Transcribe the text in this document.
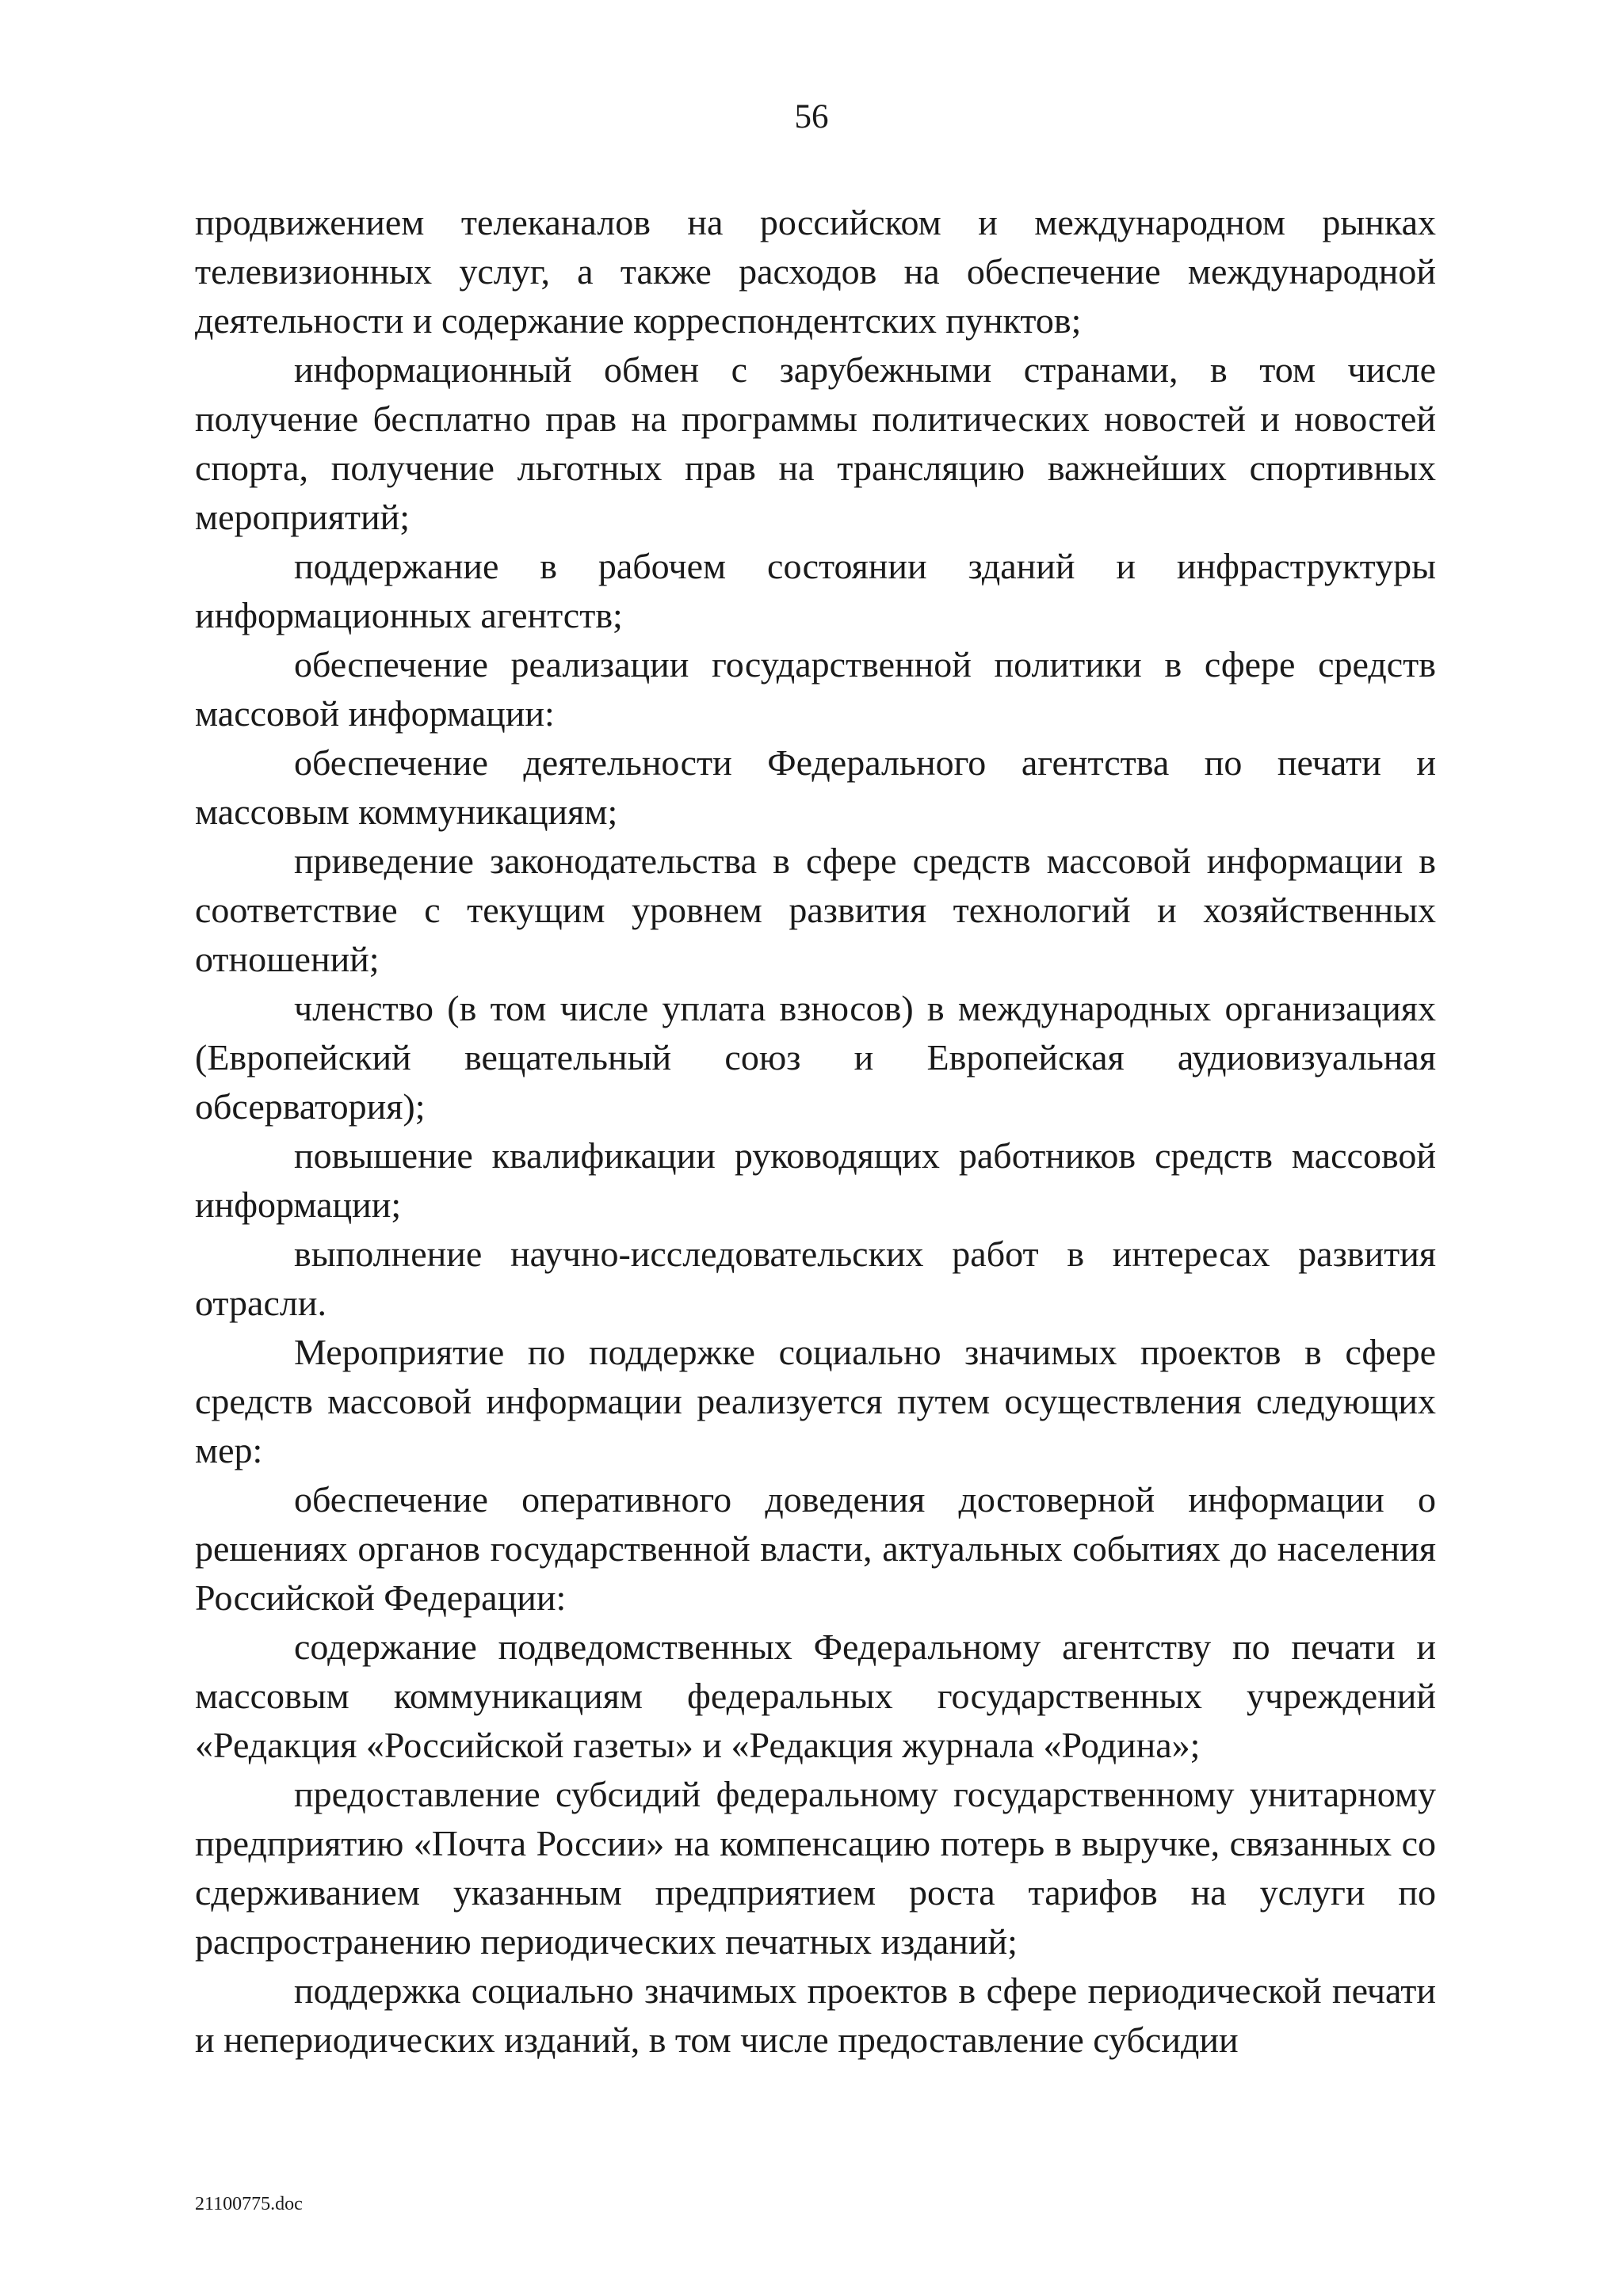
56

продвижением телеканалов на российском и международном рынках телевизионных услуг, а также расходов на обеспечение международной деятельности и содержание корреспондентских пунктов;

информационный обмен с зарубежными странами, в том числе получение бесплатно прав на программы политических новостей и новостей спорта, получение льготных прав на трансляцию важнейших спортивных мероприятий;

поддержание в рабочем состоянии зданий и инфраструктуры информационных агентств;

обеспечение реализации государственной политики в сфере средств массовой информации:

обеспечение деятельности Федерального агентства по печати и массовым коммуникациям;

приведение законодательства в сфере средств массовой информации в соответствие с текущим уровнем развития технологий и хозяйственных отношений;

членство (в том числе уплата взносов) в международных организациях (Европейский вещательный союз и Европейская аудиовизуальная обсерватория);

повышение квалификации руководящих работников средств массовой информации;

выполнение научно-исследовательских работ в интересах развития отрасли.

Мероприятие по поддержке социально значимых проектов в сфере средств массовой информации реализуется путем осуществления следующих мер:

обеспечение оперативного доведения достоверной информации о решениях органов государственной власти, актуальных событиях до населения Российской Федерации:

содержание подведомственных Федеральному агентству по печати и массовым коммуникациям федеральных государственных учреждений «Редакция «Российской газеты» и «Редакция журнала «Родина»;

предоставление субсидий федеральному государственному унитарному предприятию «Почта России» на компенсацию потерь в выручке, связанных со сдерживанием указанным предприятием роста тарифов на услуги по распространению периодических печатных изданий;

поддержка социально значимых проектов в сфере периодической печати и непериодических изданий, в том числе предоставление субсидии

21100775.doc
